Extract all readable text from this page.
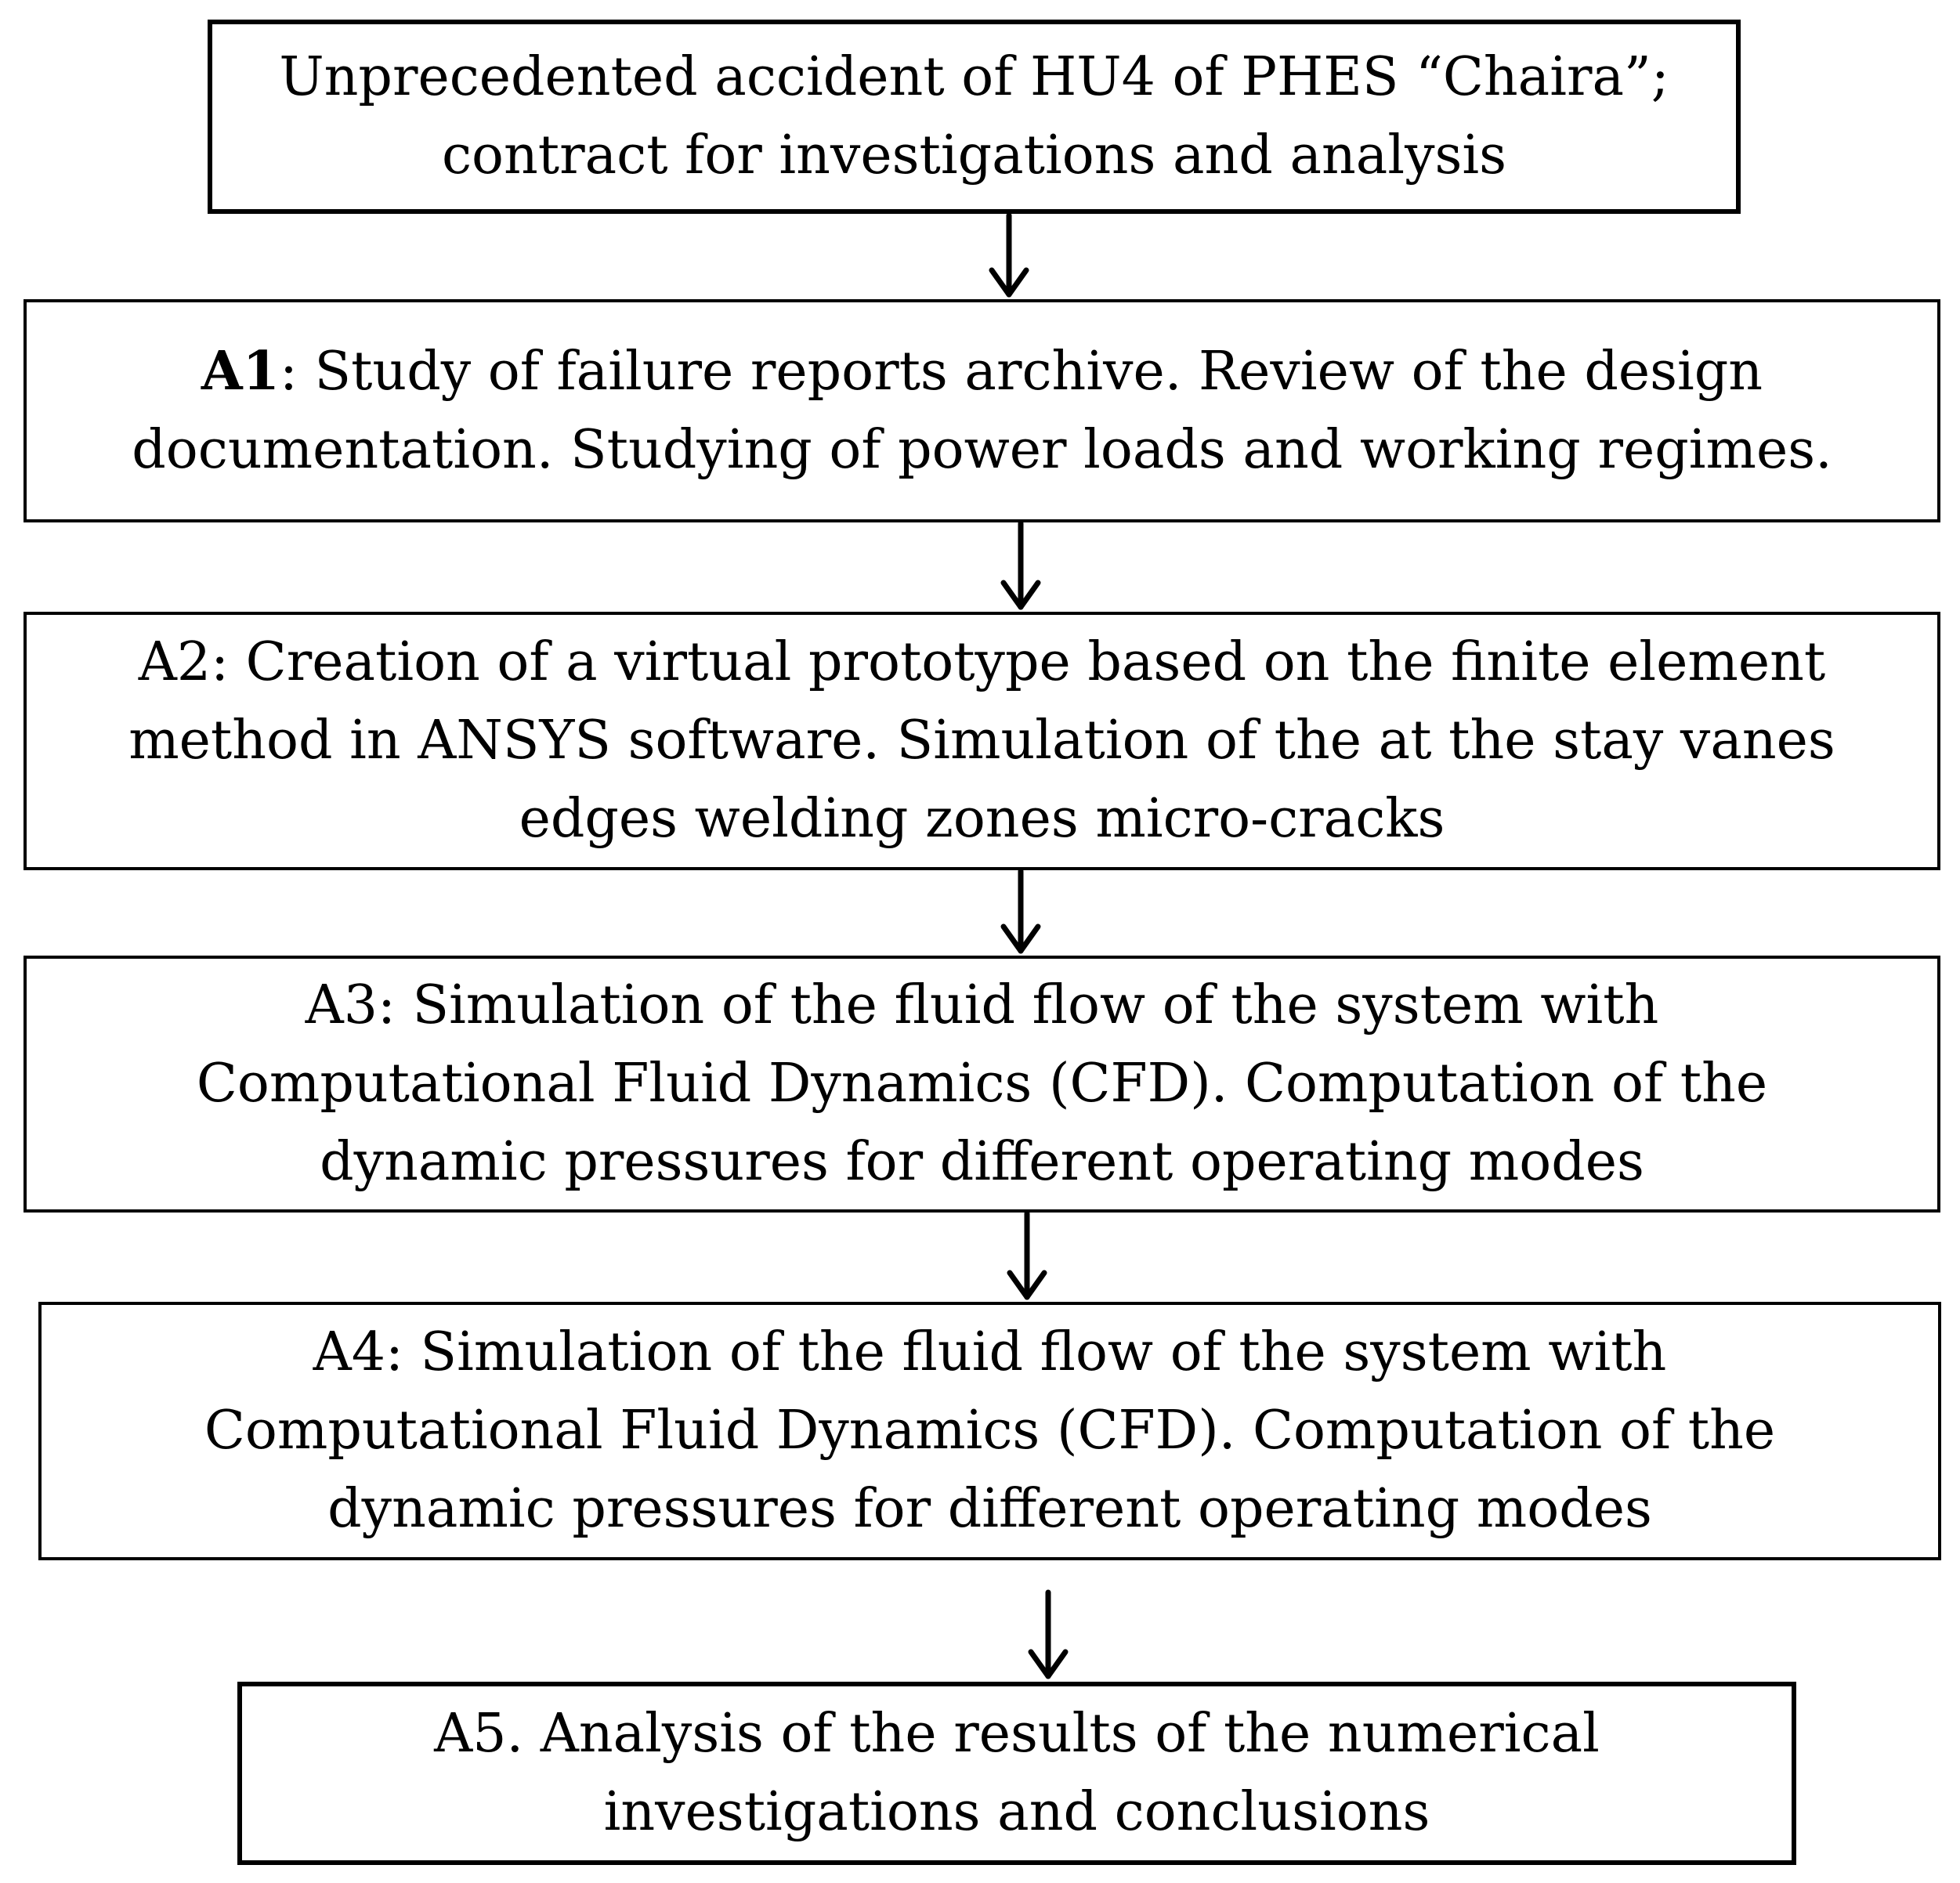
Unprecedented accident of HU4 of PHES “Chaira”;
contract for investigations and analysis
A1: Study of failure reports archive. Review of the design
documentation. Studying of power loads and working regimes.
A2: Creation of a virtual prototype based on the finite element
method in ANSYS software. Simulation of the at the stay vanes
edges welding zones micro-cracks
A3: Simulation of the fluid flow of the system with
Computational Fluid Dynamics (CFD). Computation of the
dynamic pressures for different operating modes
A4: Simulation of the fluid flow of the system with
Computational Fluid Dynamics (CFD). Computation of the
dynamic pressures for different operating modes
A5. Analysis of the results of the numerical
investigations and conclusions
